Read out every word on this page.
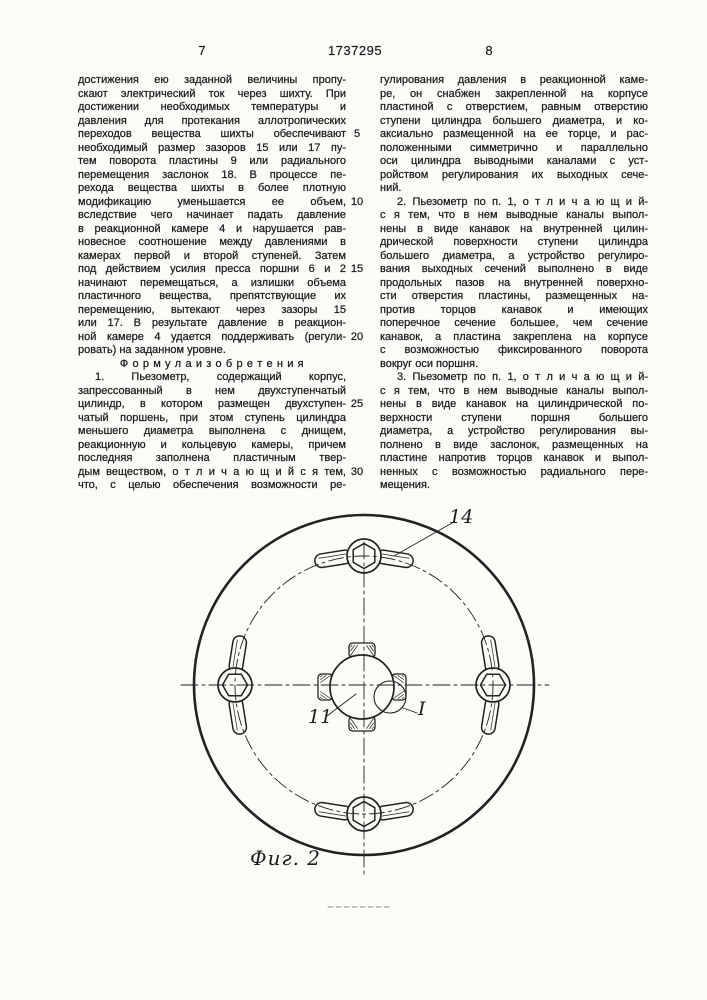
7	1737295	8
достижения ею заданной величины пропу-
скают электрический ток через шихту. При
достижении необходимых температуры и
давления для протекания аллотропических
переходов вещества шихты обеспечивают
необходимый размер зазоров 15 или 17 пу-
тем поворота пластины 9 или радиального
перемещения заслонок 18. В процессе пе-
рехода вещества шихты в более плотную
модификацию уменьшается ее объем,
вследствие чего начинает падать давление
в реакционной камере 4 и нарушается рав-
новесное соотношение между давлениями в
камерах первой и второй ступеней. Затем
под действием усилия пресса поршни 6 и 2
начинают перемещаться, а излишки объема
пластичного вещества, препятствующие их
перемещению, вытекают через зазоры 15
или 17. В результате давление в реакцион-
ной камере 4 удается поддерживать (регули-
ровать) на заданном уровне.
Ф о р м у л а и з о б р е т е н и я
1. Пьезометр, содержащий корпус,
запрессованный в нем двухступенчатый
цилиндр, в котором размещен двухступен-
чатый поршень, при этом ступень цилиндра
меньшего диаметра выполнена с днищем,
реакционную и кольцевую камеры, причем
последняя заполнена пластичным твер-
дым веществом, о т л и ч а ю щ и й с я тем,
что, с целью обеспечения возможности ре-
гулирования давления в реакционной каме-
ре, он снабжен закрепленной на корпусе
пластиной с отверстием, равным отверстию
ступени цилиндра большего диаметра, и ко-
аксиально размещенной на ее торце, и рас-
положенными симметрично и параллельно
оси цилиндра выводными каналами с уст-
ройством регулирования их выходных сече-
ний.
2. Пьезометр по п. 1, о т л и ч а ю щ и й-
с я тем, что в нем выводные каналы выпол-
нены в виде канавок на внутренней цилин-
дрической поверхности ступени цилиндра
большего диаметра, а устройство регулиро-
вания выходных сечений выполнено в виде
продольных пазов на внутренней поверхно-
сти отверстия пластины, размещенных на-
против торцов канавок и имеющих
поперечное сечение большее, чем сечение
канавок, а пластина закреплена на корпусе
с возможностью фиксированного поворота
вокруг оси поршня.
3. Пьезометр по п. 1, о т л и ч а ю щ и й-
с я тем, что в нем выводные каналы выпол-
нены в виде канавок на цилиндрической по-
верхности ступени поршня большего
диаметра, а устройство регулирования вы-
полнено в виде заслонок, размещенных на
пластине напротив торцов канавок и выпол-
ненных с возможностью радиального пере-
мещения.
14
11	I
Фиг. 2
5
10
15
20
25
30
